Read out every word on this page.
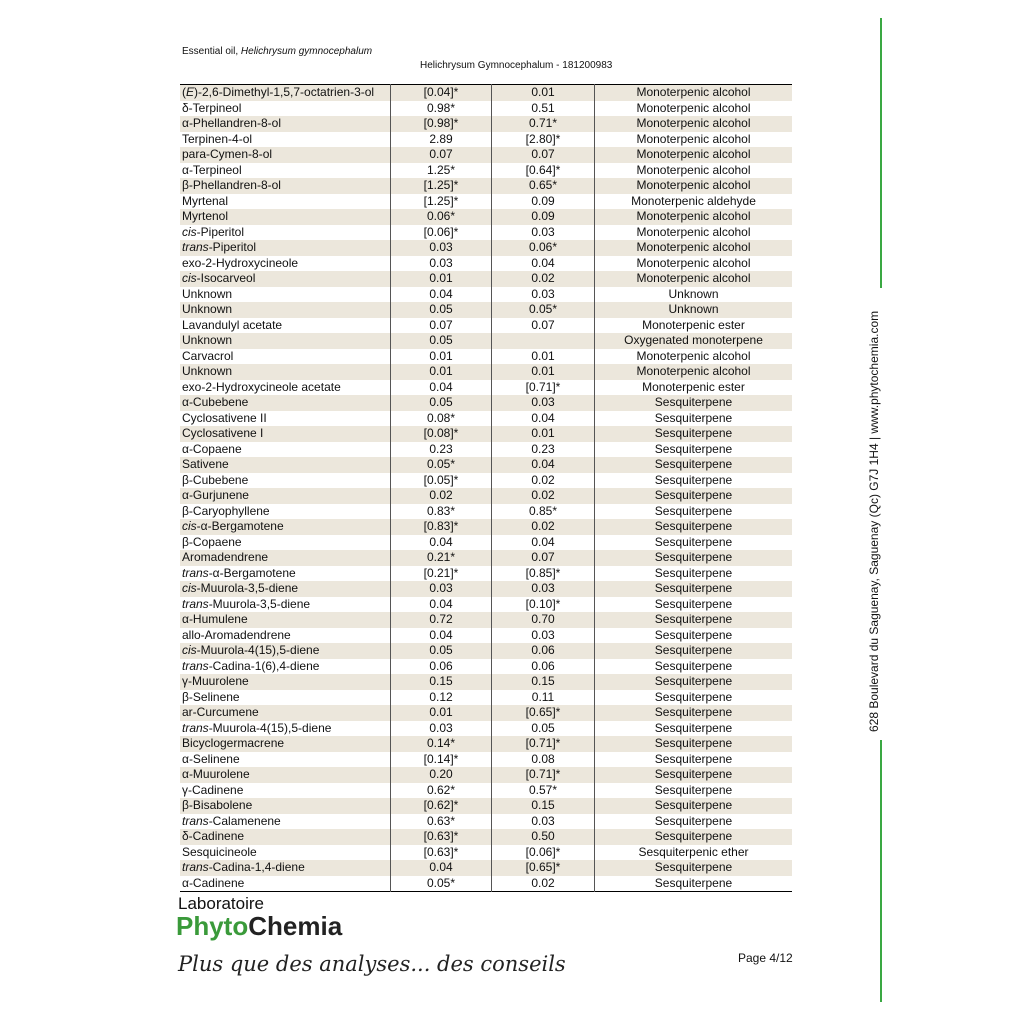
Essential oil, Helichrysum gymnocephalum
Helichrysum Gymnocephalum - 181200983
(E)-2,6-Dimethyl-1,5,7-octatrien-3-ol	[0.04]*	0.01	Monoterpenic alcohol
δ-Terpineol	0.98*	0.51	Monoterpenic alcohol
α-Phellandren-8-ol	[0.98]*	0.71*	Monoterpenic alcohol
Terpinen-4-ol	2.89	[2.80]*	Monoterpenic alcohol
para-Cymen-8-ol	0.07	0.07	Monoterpenic alcohol
α-Terpineol	1.25*	[0.64]*	Monoterpenic alcohol
β-Phellandren-8-ol	[1.25]*	0.65*	Monoterpenic alcohol
Myrtenal	[1.25]*	0.09	Monoterpenic aldehyde
Myrtenol	0.06*	0.09	Monoterpenic alcohol
cis-Piperitol	[0.06]*	0.03	Monoterpenic alcohol
trans-Piperitol	0.03	0.06*	Monoterpenic alcohol
exo-2-Hydroxycineole	0.03	0.04	Monoterpenic alcohol
cis-Isocarveol	0.01	0.02	Monoterpenic alcohol
Unknown	0.04	0.03	Unknown
Unknown	0.05	0.05*	Unknown
Lavandulyl acetate	0.07	0.07	Monoterpenic ester
Unknown	0.05		Oxygenated monoterpene
Carvacrol	0.01	0.01	Monoterpenic alcohol
Unknown	0.01	0.01	Monoterpenic alcohol
exo-2-Hydroxycineole acetate	0.04	[0.71]*	Monoterpenic ester
α-Cubebene	0.05	0.03	Sesquiterpene
Cyclosativene II	0.08*	0.04	Sesquiterpene
Cyclosativene I	[0.08]*	0.01	Sesquiterpene
α-Copaene	0.23	0.23	Sesquiterpene
Sativene	0.05*	0.04	Sesquiterpene
β-Cubebene	[0.05]*	0.02	Sesquiterpene
α-Gurjunene	0.02	0.02	Sesquiterpene
β-Caryophyllene	0.83*	0.85*	Sesquiterpene
cis-α-Bergamotene	[0.83]*	0.02	Sesquiterpene
β-Copaene	0.04	0.04	Sesquiterpene
Aromadendrene	0.21*	0.07	Sesquiterpene
trans-α-Bergamotene	[0.21]*	[0.85]*	Sesquiterpene
cis-Muurola-3,5-diene	0.03	0.03	Sesquiterpene
trans-Muurola-3,5-diene	0.04	[0.10]*	Sesquiterpene
α-Humulene	0.72	0.70	Sesquiterpene
allo-Aromadendrene	0.04	0.03	Sesquiterpene
cis-Muurola-4(15),5-diene	0.05	0.06	Sesquiterpene
trans-Cadina-1(6),4-diene	0.06	0.06	Sesquiterpene
γ-Muurolene	0.15	0.15	Sesquiterpene
β-Selinene	0.12	0.11	Sesquiterpene
ar-Curcumene	0.01	[0.65]*	Sesquiterpene
trans-Muurola-4(15),5-diene	0.03	0.05	Sesquiterpene
Bicyclogermacrene	0.14*	[0.71]*	Sesquiterpene
α-Selinene	[0.14]*	0.08	Sesquiterpene
α-Muurolene	0.20	[0.71]*	Sesquiterpene
γ-Cadinene	0.62*	0.57*	Sesquiterpene
β-Bisabolene	[0.62]*	0.15	Sesquiterpene
trans-Calamenene	0.63*	0.03	Sesquiterpene
δ-Cadinene	[0.63]*	0.50	Sesquiterpene
Sesquicineole	[0.63]*	[0.06]*	Sesquiterpenic ether
trans-Cadina-1,4-diene	0.04	[0.65]*	Sesquiterpene
α-Cadinene	0.05*	0.02	Sesquiterpene
Laboratoire
PhytoChemia
Plus que des analyses... des conseils	Page 4/12
628 Boulevard du Saguenay, Saguenay (Qc) G7J 1H4 | www.phytochemia.com
